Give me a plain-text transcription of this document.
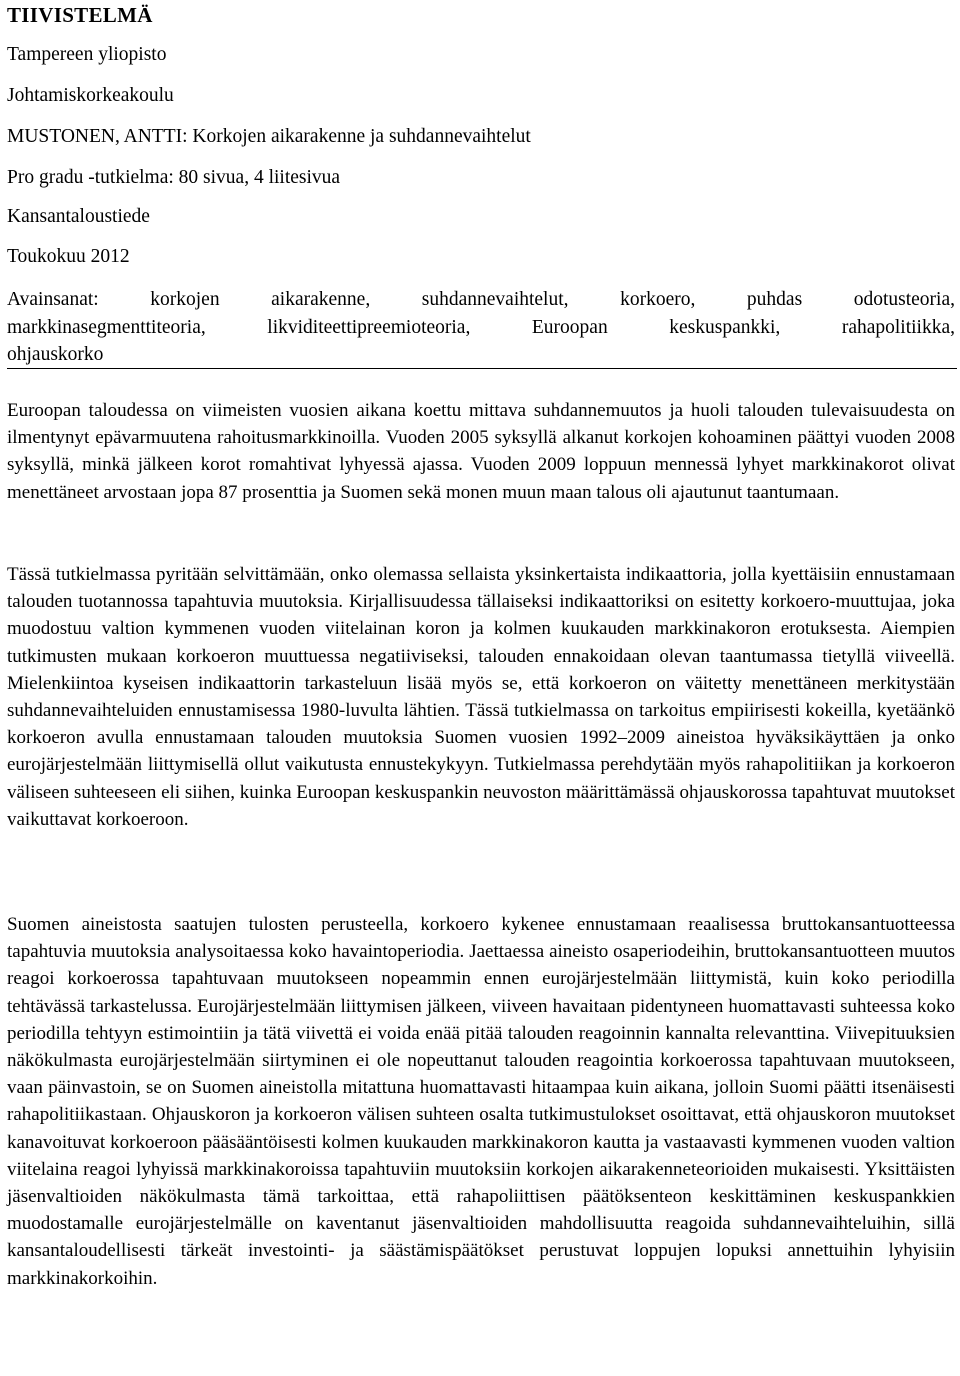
TIIVISTELMÄ
Tampereen yliopisto
Johtamiskorkeakoulu
MUSTONEN, ANTTI: Korkojen aikarakenne ja suhdannevaihtelut
Pro gradu -tutkielma: 80 sivua, 4 liitesivua
Kansantaloustiede
Toukokuu 2012
Avainsanat: korkojen aikarakenne, suhdannevaihtelut, korkoero, puhdas odotusteoria,
markkinasegmenttiteoria, likviditeettipreemioteoria, Euroopan keskuspankki, rahapolitiikka,
ohjauskorko

Euroopan taloudessa on viimeisten vuosien aikana koettu mittava suhdannemuutos ja huoli talouden tulevaisuudesta on ilmentynyt epävarmuutena rahoitusmarkkinoilla. Vuoden 2005 syksyllä alkanut korkojen kohoaminen päättyi vuoden 2008 syksyllä, minkä jälkeen korot romahtivat lyhyessä ajassa. Vuoden 2009 loppuun mennessä lyhyet markkinakorot olivat menettäneet arvostaan jopa 87 prosenttia ja Suomen sekä monen muun maan talous oli ajautunut taantumaan.

Tässä tutkielmassa pyritään selvittämään, onko olemassa sellaista yksinkertaista indikaattoria, jolla kyettäisiin ennustamaan talouden tuotannossa tapahtuvia muutoksia. Kirjallisuudessa tällaiseksi indikaattoriksi on esitetty korkoero-muuttujaa, joka muodostuu valtion kymmenen vuoden viitelainan koron ja kolmen kuukauden markkinakoron erotuksesta. Aiempien tutkimusten mukaan korkoeron muuttuessa negatiiviseksi, talouden ennakoidaan olevan taantumassa tietyllä viiveellä. Mielenkiintoa kyseisen indikaattorin tarkasteluun lisää myös se, että korkoeron on väitetty menettäneen merkitystään suhdannevaihteluiden ennustamisessa 1980-luvulta lähtien. Tässä tutkielmassa on tarkoitus empiirisesti kokeilla, kyetäänkö korkoeron avulla ennustamaan talouden muutoksia Suomen vuosien 1992–2009 aineistoa hyväksikäyttäen ja onko eurojärjestelmään liittymisellä ollut vaikutusta ennustekykyyn. Tutkielmassa perehdytään myös rahapolitiikan ja korkoeron väliseen suhteeseen eli siihen, kuinka Euroopan keskuspankin neuvoston määrittämässä ohjauskorossa tapahtuvat muutokset vaikuttavat korkoeroon.

Suomen aineistosta saatujen tulosten perusteella, korkoero kykenee ennustamaan reaalisessa bruttokansantuotteessa tapahtuvia muutoksia analysoitaessa koko havaintoperiodia. Jaettaessa aineisto osaperiodeihin, bruttokansantuotteen muutos reagoi korkoerossa tapahtuvaan muutokseen nopeammin ennen eurojärjestelmään liittymistä, kuin koko periodilla tehtävässä tarkastelussa. Eurojärjestelmään liittymisen jälkeen, viiveen havaitaan pidentyneen huomattavasti suhteessa koko periodilla tehtyyn estimointiin ja tätä viivettä ei voida enää pitää talouden reagoinnin kannalta relevanttina. Viivepituuksien näkökulmasta eurojärjestelmään siirtyminen ei ole nopeuttanut talouden reagointia korkoerossa tapahtuvaan muutokseen, vaan päinvastoin, se on Suomen aineistolla mitattuna huomattavasti hitaampaa kuin aikana, jolloin Suomi päätti itsenäisesti rahapolitiikastaan. Ohjauskoron ja korkoeron välisen suhteen osalta tutkimustulokset osoittavat, että ohjauskoron muutokset kanavoituvat korkoeroon pääsääntöisesti kolmen kuukauden markkinakoron kautta ja vastaavasti kymmenen vuoden valtion viitelaina reagoi lyhyissä markkinakoroissa tapahtuviin muutoksiin korkojen aikarakenneteorioiden mukaisesti. Yksittäisten jäsenvaltioiden näkökulmasta tämä tarkoittaa, että rahapoliittisen päätöksenteon keskittäminen keskuspankkien muodostamalle eurojärjestelmälle on kaventanut jäsenvaltioiden mahdollisuutta reagoida suhdannevaihteluihin, sillä kansantaloudellisesti tärkeät investointi- ja säästämispäätökset perustuvat loppujen lopuksi annettuihin lyhyisiin markkinakorkoihin.
